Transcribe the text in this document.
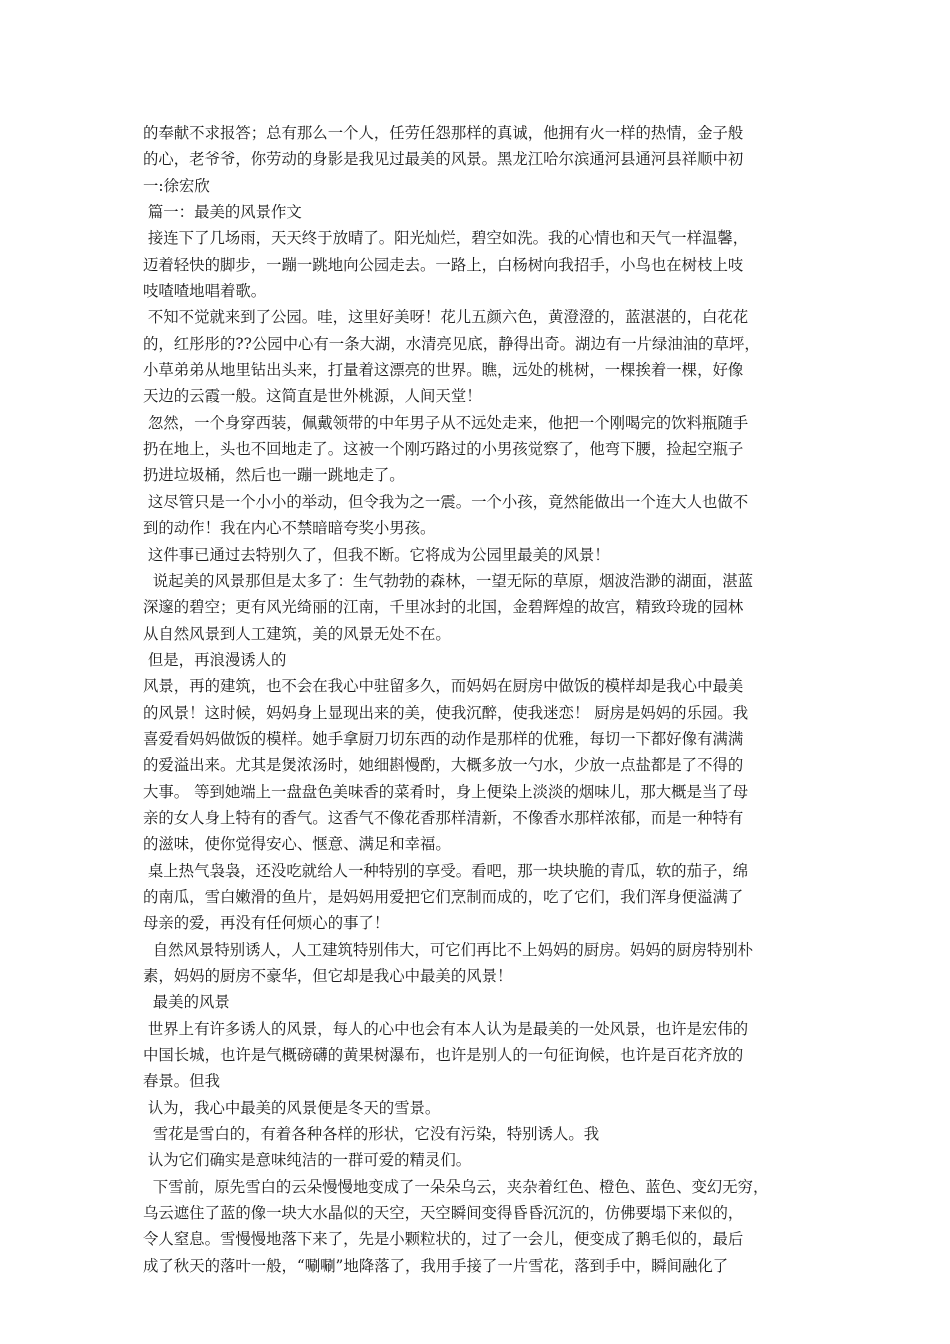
的奉献不求报答；总有那么一个人，任劳任怨那样的真诚，他拥有火一样的热情，金子般
的心，老爷爷，你劳动的身影是我见过最美的风景。黑龙江哈尔滨通河县通河县祥顺中初
一:徐宏欣
篇一：最美的风景作文
接连下了几场雨，天天终于放晴了。阳光灿烂，碧空如洗。我的心情也和天气一样温馨，
迈着轻快的脚步，一蹦一跳地向公园走去。一路上，白杨树向我招手，小鸟也在树枝上吱
吱喳喳地唱着歌。
不知不觉就来到了公园。哇，这里好美呀！花儿五颜六色，黄澄澄的，蓝湛湛的，白花花
的，红彤彤的??公园中心有一条大湖，水清亮见底，静得出奇。湖边有一片绿油油的草坪，
小草弟弟从地里钻出头来，打量着这漂亮的世界。瞧，远处的桃树，一棵挨着一棵，好像
天边的云霞一般。这简直是世外桃源，人间天堂！
忽然，一个身穿西装，佩戴领带的中年男子从不远处走来，他把一个刚喝完的饮料瓶随手
扔在地上，头也不回地走了。这被一个刚巧路过的小男孩觉察了，他弯下腰，捡起空瓶子
扔进垃圾桶，然后也一蹦一跳地走了。
这尽管只是一个小小的举动，但令我为之一震。一个小孩，竟然能做出一个连大人也做不
到的动作！我在内心不禁暗暗夸奖小男孩。
这件事已通过去特别久了，但我不断。它将成为公园里最美的风景！
说起美的风景那但是太多了：生气勃勃的森林，一望无际的草原，烟波浩渺的湖面，湛蓝
深邃的碧空；更有风光绮丽的江南，千里冰封的北国，金碧辉煌的故宫，精致玲珑的园林
从自然风景到人工建筑，美的风景无处不在。
但是，再浪漫诱人的
风景，再的建筑，也不会在我心中驻留多久，而妈妈在厨房中做饭的模样却是我心中最美
的风景！这时候，妈妈身上显现出来的美，使我沉醉，使我迷恋！ 厨房是妈妈的乐园。我
喜爱看妈妈做饭的模样。她手拿厨刀切东西的动作是那样的优雅，每切一下都好像有满满
的爱溢出来。尤其是煲浓汤时，她细斟慢酌，大概多放一勺水，少放一点盐都是了不得的
大事。 等到她端上一盘盘色美味香的菜肴时，身上便染上淡淡的烟味儿，那大概是当了母
亲的女人身上特有的香气。这香气不像花香那样清新，不像香水那样浓郁，而是一种特有
的滋味，使你觉得安心、惬意、满足和幸福。
桌上热气袅袅，还没吃就给人一种特别的享受。看吧，那一块块脆的青瓜，软的茄子，绵
的南瓜，雪白嫩滑的鱼片，是妈妈用爱把它们烹制而成的，吃了它们，我们浑身便溢满了
母亲的爱，再没有任何烦心的事了！
自然风景特别诱人，人工建筑特别伟大，可它们再比不上妈妈的厨房。妈妈的厨房特别朴
素，妈妈的厨房不豪华，但它却是我心中最美的风景！
最美的风景
世界上有许多诱人的风景，每人的心中也会有本人认为是最美的一处风景，也许是宏伟的
中国长城，也许是气概磅礴的黄果树瀑布，也许是别人的一句征询候，也许是百花齐放的
春景。但我
认为，我心中最美的风景便是冬天的雪景。
雪花是雪白的，有着各种各样的形状，它没有污染，特别诱人。我
认为它们确实是意味纯洁的一群可爱的精灵们。
下雪前，原先雪白的云朵慢慢地变成了一朵朵乌云，夹杂着红色、橙色、蓝色、变幻无穷，
乌云遮住了蓝的像一块大水晶似的天空，天空瞬间变得昏昏沉沉的，仿佛要塌下来似的，
令人窒息。雪慢慢地落下来了，先是小颗粒状的，过了一会儿，便变成了鹅毛似的，最后
成了秋天的落叶一般，“唰唰”地降落了，我用手接了一片雪花，落到手中，瞬间融化了
